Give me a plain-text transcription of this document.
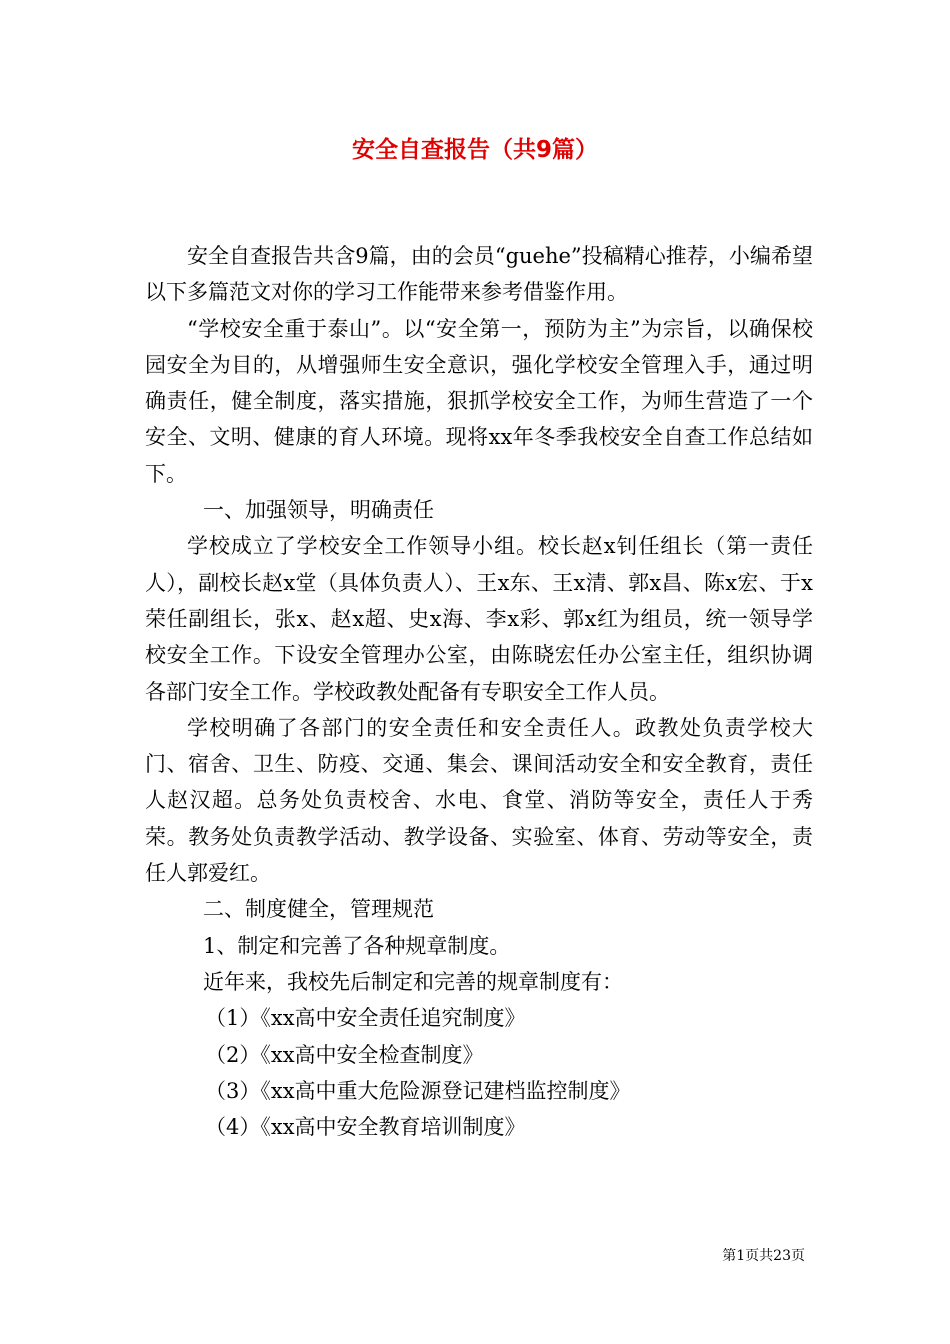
安全自查报告（共9篇）

安全自查报告共含9篇，由的会员“guehe”投稿精心推荐，小编希望以下多篇范文对你的学习工作能带来参考借鉴作用。

“学校安全重于泰山”。以“安全第一，预防为主”为宗旨，以确保校园安全为目的，从增强师生安全意识，强化学校安全管理入手，通过明确责任，健全制度，落实措施，狠抓学校安全工作，为师生营造了一个安全、文明、健康的育人环境。现将xx年冬季我校安全自查工作总结如下。

一、加强领导，明确责任

学校成立了学校安全工作领导小组。校长赵x钊任组长（第一责任人），副校长赵x堂（具体负责人）、王x东、王x清、郭x昌、陈x宏、于x荣任副组长，张x、赵x超、史x海、李x彩、郭x红为组员，统一领导学校安全工作。下设安全管理办公室，由陈晓宏任办公室主任，组织协调各部门安全工作。学校政教处配备有专职安全工作人员。

学校明确了各部门的安全责任和安全责任人。政教处负责学校大门、宿舍、卫生、防疫、交通、集会、课间活动安全和安全教育，责任人赵汉超。总务处负责校舍、水电、食堂、消防等安全，责任人于秀荣。教务处负责教学活动、教学设备、实验室、体育、劳动等安全，责任人郭爱红。

二、制度健全，管理规范

1、制定和完善了各种规章制度。

近年来，我校先后制定和完善的规章制度有：

（1）《xx高中安全责任追究制度》

（2）《xx高中安全检查制度》

（3）《xx高中重大危险源登记建档监控制度》

（4）《xx高中安全教育培训制度》

第1页共23页
